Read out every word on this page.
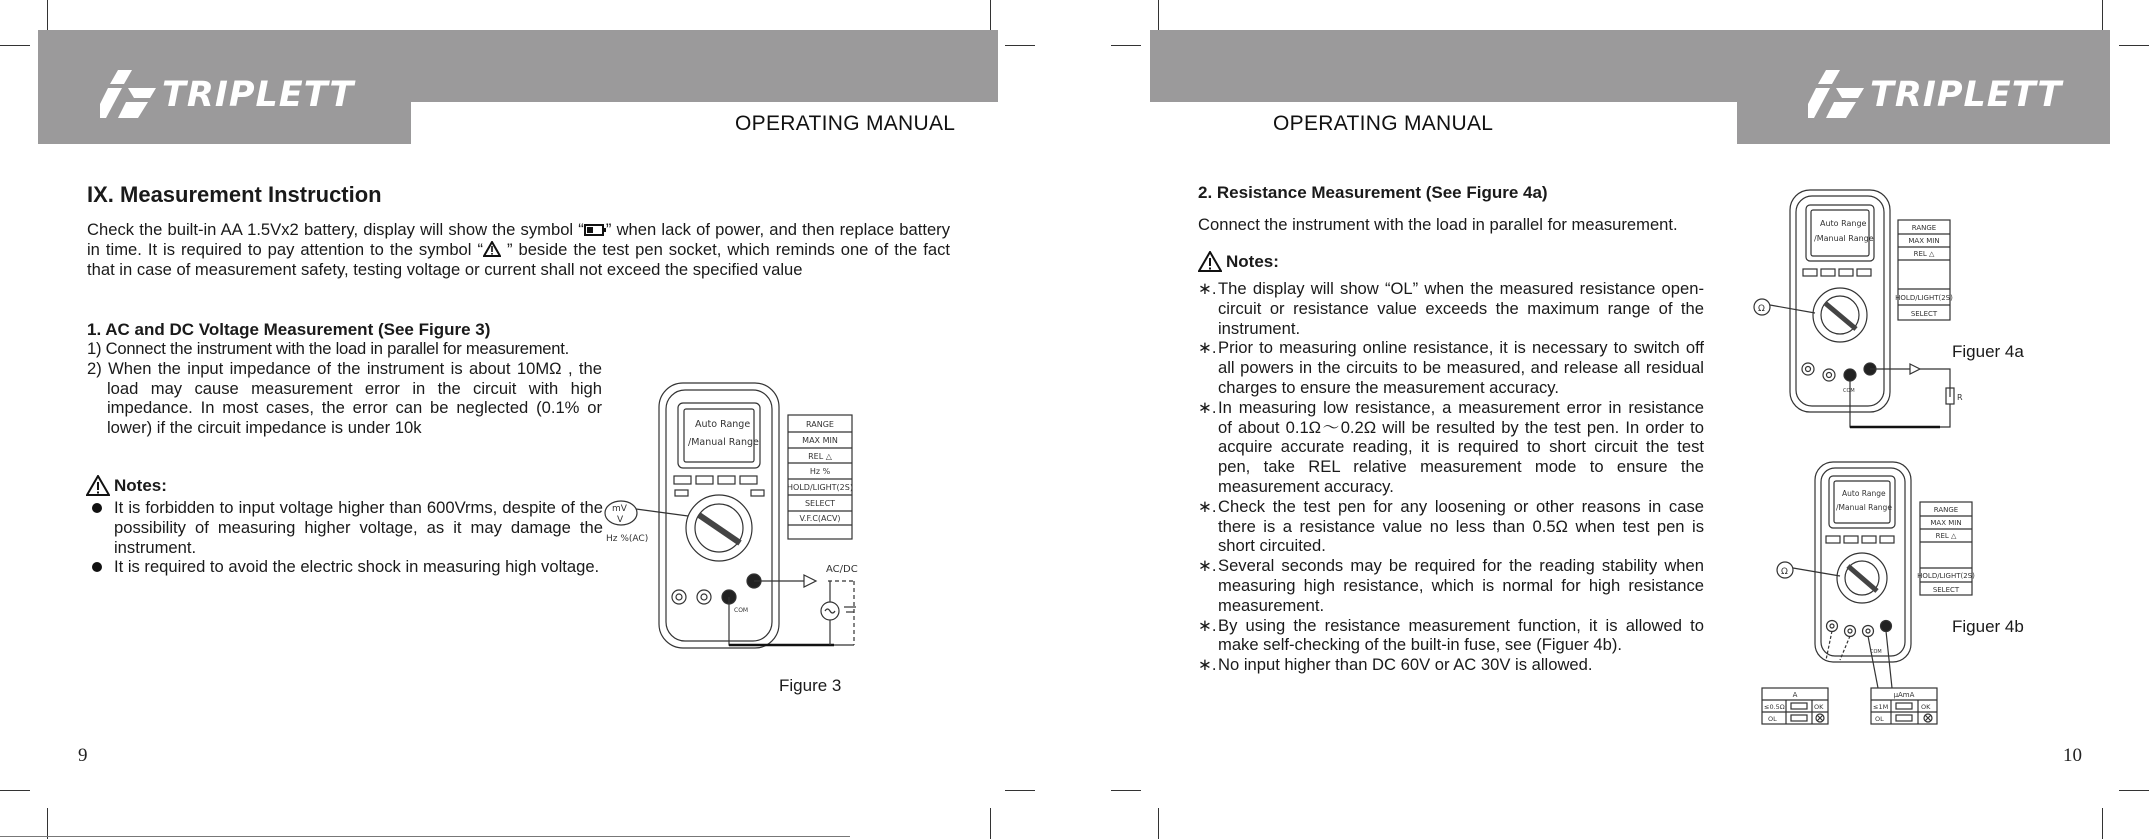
TRIPLETT
OPERATING MANUAL
IX. Measurement Instruction
Check the built-in AA 1.5Vx2 battery, display will show the symbol “ ” when lack of power, and then replace battery in time. It is required to pay attention to the symbol “ ” beside the test pen socket, which reminds one of the fact that in case of measurement safety, testing voltage or current shall not exceed the specified value
1. AC and DC Voltage Measurement (See Figure 3)
1) Connect the instrument with the load in parallel for measurement.
2) When the input impedance of the instrument is about 10MΩ , the load may cause measurement error in the circuit with high impedance. In most cases, the error can be neglected (0.1% or lower) if the circuit impedance is under 10k
Notes:
It is forbidden to input voltage higher than 600Vrms, despite of the possibility of measuring higher voltage, as it may damage the instrument.
It is required to avoid the electric shock in measuring high voltage.
Auto Range
/Manual Range
RANGE
MAX MIN
REL △
Hz %
HOLD/LIGHT(2S)
SELECT
V.F.C(ACV)
mV
V
Hz %(AC)
COM
AC/DC
Figure 3
9
TRIPLETT
OPERATING MANUAL
2. Resistance Measurement (See Figure 4a)
Connect the instrument with the load in parallel for measurement.
Notes:
∗. The display will show “OL” when the measured resistance open-circuit or resistance value exceeds the maximum range of the instrument.
∗. Prior to measuring online resistance, it is necessary to switch off all powers in the circuits to be measured, and release all residual charges to ensure the measurement accuracy.
∗. In measuring low resistance, a measurement error in resistance of about 0.1Ω～0.2Ω will be resulted by the test pen. In order to acquire accurate reading, it is required to short circuit the test pen, take REL relative measurement mode to ensure the measurement accuracy.
∗. Check the test pen for any loosening or other reasons in case there is a resistance value no less than 0.5Ω when test pen is short circuited.
∗. Several seconds may be required for the reading stability when measuring high resistance, which is normal for high resistance measurement.
∗. By using the resistance measurement function, it is allowed to make self-checking of the built-in fuse, see (Figuer 4b).
∗. No input higher than DC 60V or AC 30V is allowed.
Auto Range
/Manual Range
RANGE
MAX MIN
REL △
HOLD/LIGHT(2S)
SELECT
Ω
COM
R
Figuer 4a
Auto Range
/Manual Range	RANGE
MAX MIN
REL △
HOLD/LIGHT(2S)
SELECT
Ω
COM
A
≤0.5Ω	OK
OL
μAmA
≤1M	OK
OL
Figuer 4b
10
